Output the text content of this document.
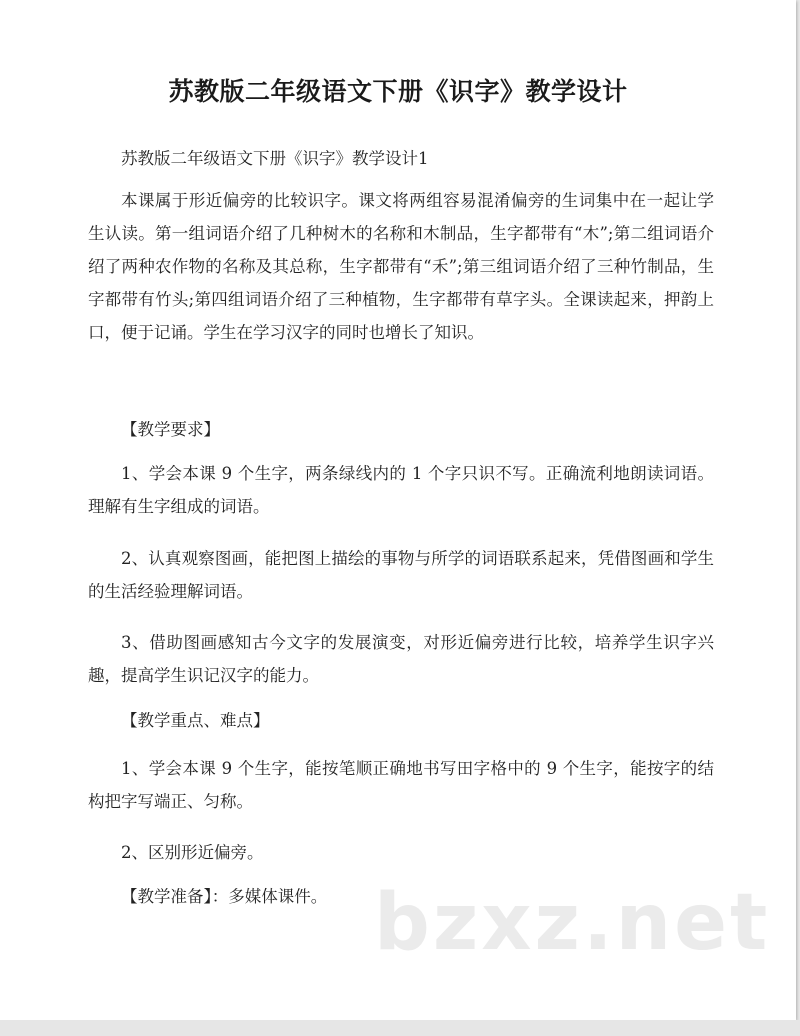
苏教版二年级语文下册《识字》教学设计

苏教版二年级语文下册《识字》教学设计1

本课属于形近偏旁的比较识字。课文将两组容易混淆偏旁的生词集中在一起让学生认读。第一组词语介绍了几种树木的名称和木制品，生字都带有“木”;第二组词语介绍了两种农作物的名称及其总称，生字都带有“禾”;第三组词语介绍了三种竹制品，生字都带有竹头;第四组词语介绍了三种植物，生字都带有草字头。全课读起来，押韵上口，便于记诵。学生在学习汉字的同时也增长了知识。

【教学要求】

1、学会本课 9 个生字，两条绿线内的 1 个字只识不写。正确流利地朗读词语。理解有生字组成的词语。

2、认真观察图画，能把图上描绘的事物与所学的词语联系起来，凭借图画和学生的生活经验理解词语。

3、借助图画感知古今文字的发展演变，对形近偏旁进行比较，培养学生识字兴趣，提高学生识记汉字的能力。

【教学重点、难点】

1、学会本课 9 个生字，能按笔顺正确地书写田字格中的 9 个生字，能按字的结构把字写端正、匀称。

2、区别形近偏旁。

【教学准备】：多媒体课件。 bzxz.net
